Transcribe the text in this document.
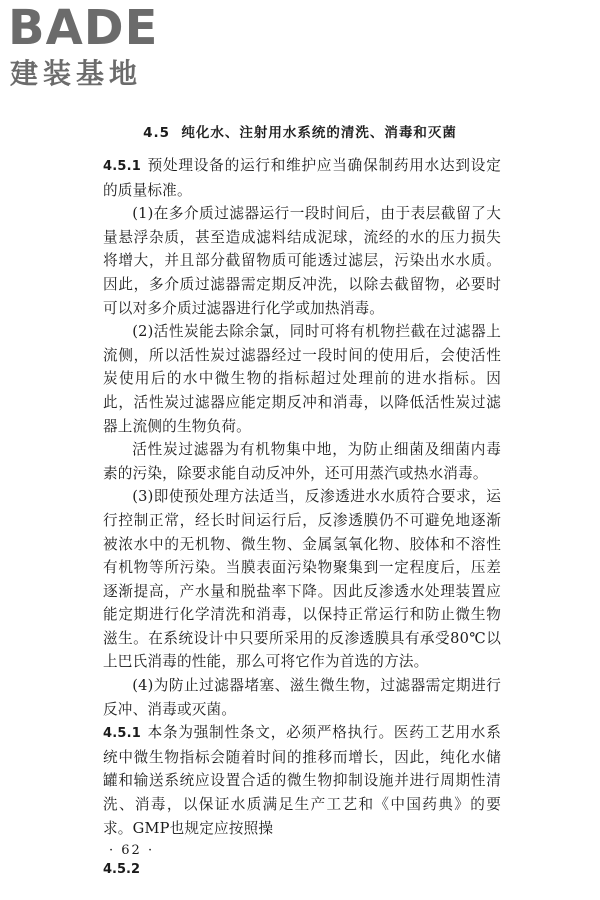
BADE
建装基地
4.5 纯化水、注射用水系统的清洗、消毒和灭菌

4.5.1 预处理设备的运行和维护应当确保制药用水达到设定的质量标准。

(1)在多介质过滤器运行一段时间后，由于表层截留了大量悬浮杂质，甚至造成滤料结成泥球，流经的水的压力损失将增大，并且部分截留物质可能透过滤层，污染出水水质。因此，多介质过滤器需定期反冲洗，以除去截留物，必要时可以对多介质过滤器进行化学或加热消毒。

(2)活性炭能去除余氯，同时可将有机物拦截在过滤器上流侧，所以活性炭过滤器经过一段时间的使用后，会使活性炭使用后的水中微生物的指标超过处理前的进水指标。因此，活性炭过滤器应能定期反冲和消毒，以降低活性炭过滤器上流侧的生物负荷。

活性炭过滤器为有机物集中地，为防止细菌及细菌内毒素的污染，除要求能自动反冲外，还可用蒸汽或热水消毒。

(3)即使预处理方法适当，反渗透进水水质符合要求，运行控制正常，经长时间运行后，反渗透膜仍不可避免地逐渐被浓水中的无机物、微生物、金属氢氧化物、胶体和不溶性有机物等所污染。当膜表面污染物聚集到一定程度后，压差逐渐提高，产水量和脱盐率下降。因此反渗透水处理装置应能定期进行化学清洗和消毒，以保持正常运行和防止微生物滋生。在系统设计中只要所采用的反渗透膜具有承受80℃以上巴氏消毒的性能，那么可将它作为首选的方法。

(4)为防止过滤器堵塞、滋生微生物，过滤器需定期进行反冲、消毒或灭菌。

4.5.1 本条为强制性条文，必须严格执行。医药工艺用水系统中微生物指标会随着时间的推移而增长，因此，纯化水储罐和输送系统应设置合适的微生物抑制设施并进行周期性清洗、消毒，以保证水质满足生产工艺和《中国药典》的要求。GMP也规定应按照操

· 62 ·
4.5.2
